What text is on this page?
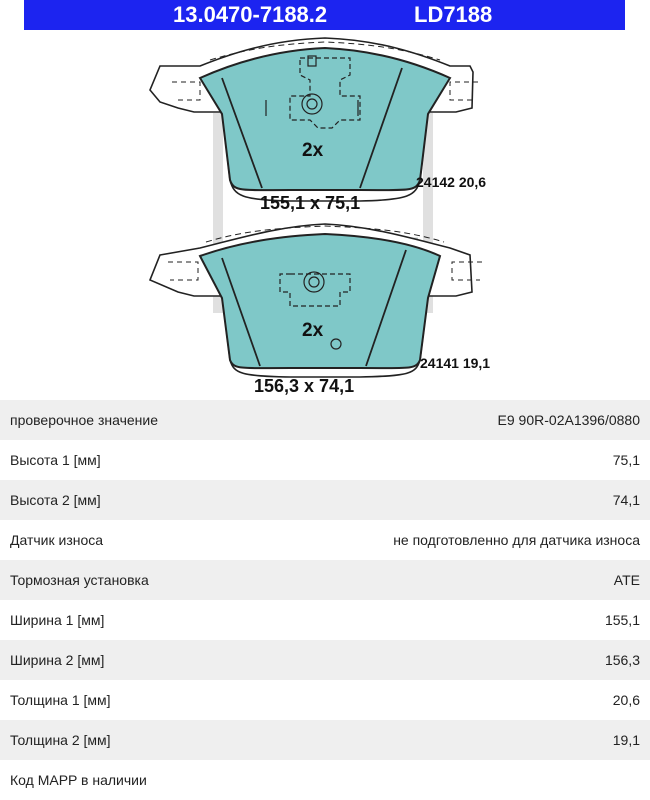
13.0470-7188.2	LD7188
2x
155,1 x 75,1
24142 20,6
2x
156,3 x 74,1
24141 19,1
проверочное значение	E9 90R-02A1396/0880
Высота 1 [мм]	75,1
Высота 2 [мм]	74,1
Датчик износа	не подготовленно для датчика износа
Тормозная установка	ATE
Ширина 1 [мм]	155,1
Ширина 2 [мм]	156,3
Толщина 1 [мм]	20,6
Толщина 2 [мм]	19,1
Код MAPP в наличии
